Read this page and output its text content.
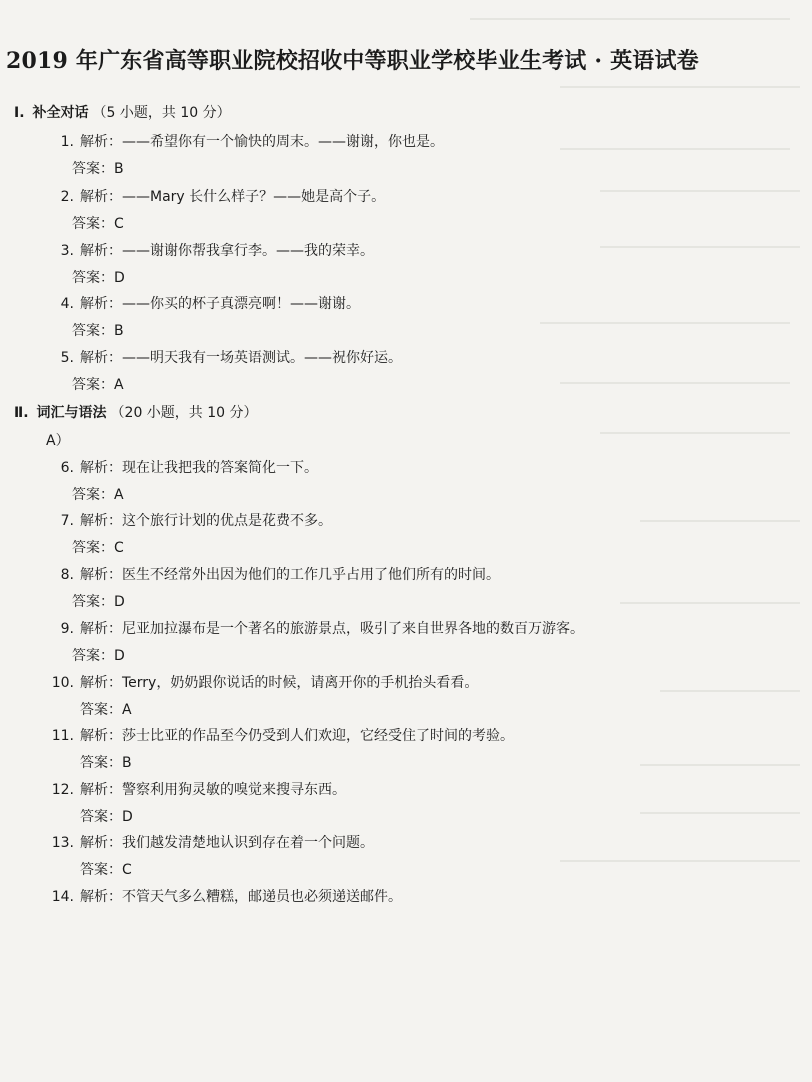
2019 年广东省高等职业院校招收中等职业学校毕业生考试 · 英语试卷
Ⅰ. 补全对话 （5 小题，共 10 分）
1. 解析：——希望你有一个愉快的周末。——谢谢，你也是。
答案：B
2. 解析：——Mary 长什么样子？——她是高个子。
答案：C
3. 解析：——谢谢你帮我拿行李。——我的荣幸。
答案：D
4. 解析：——你买的杯子真漂亮啊！——谢谢。
答案：B
5. 解析：——明天我有一场英语测试。——祝你好运。
答案：A
Ⅱ. 词汇与语法 （20 小题，共 10 分）
A）
6. 解析：现在让我把我的答案简化一下。
答案：A
7. 解析：这个旅行计划的优点是花费不多。
答案：C
8. 解析：医生不经常外出因为他们的工作几乎占用了他们所有的时间。
答案：D
9. 解析：尼亚加拉瀑布是一个著名的旅游景点，吸引了来自世界各地的数百万游客。
答案：D
10. 解析：Terry，奶奶跟你说话的时候，请离开你的手机抬头看看。
答案：A
11. 解析：莎士比亚的作品至今仍受到人们欢迎，它经受住了时间的考验。
答案：B
12. 解析：警察利用狗灵敏的嗅觉来搜寻东西。
答案：D
13. 解析：我们越发清楚地认识到存在着一个问题。
答案：C
14. 解析：不管天气多么糟糕，邮递员也必须递送邮件。
